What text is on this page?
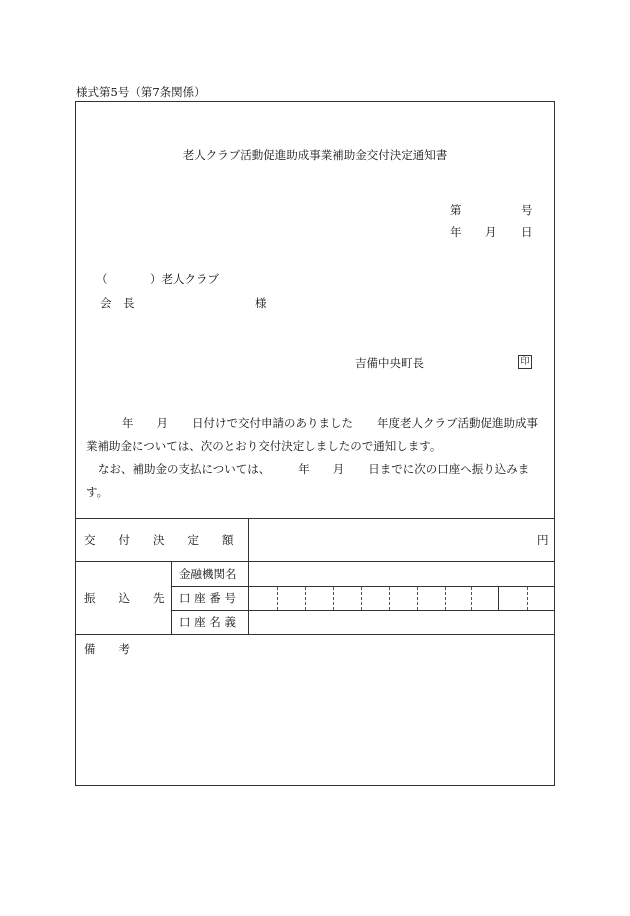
様式第5号（第7条関係）
老人クラブ活動促進助成事業補助金交付決定通知書
第	号
年 月 日
（	）老人クラブ
会　長	様
吉備中央町長	印
年　　月 日付けで交付申請のありました 年度老人クラブ活動促進助成事業補助金については、次のとおり交付決定しましたので通知します。
なお、補助金の支払については、 年　　月 日までに次の口座へ振り込みます。
交　　付　　決　　定　　額	円
振　　込　　先
金融機関名
口 座 番 号
口 座 名 義
備　　考
